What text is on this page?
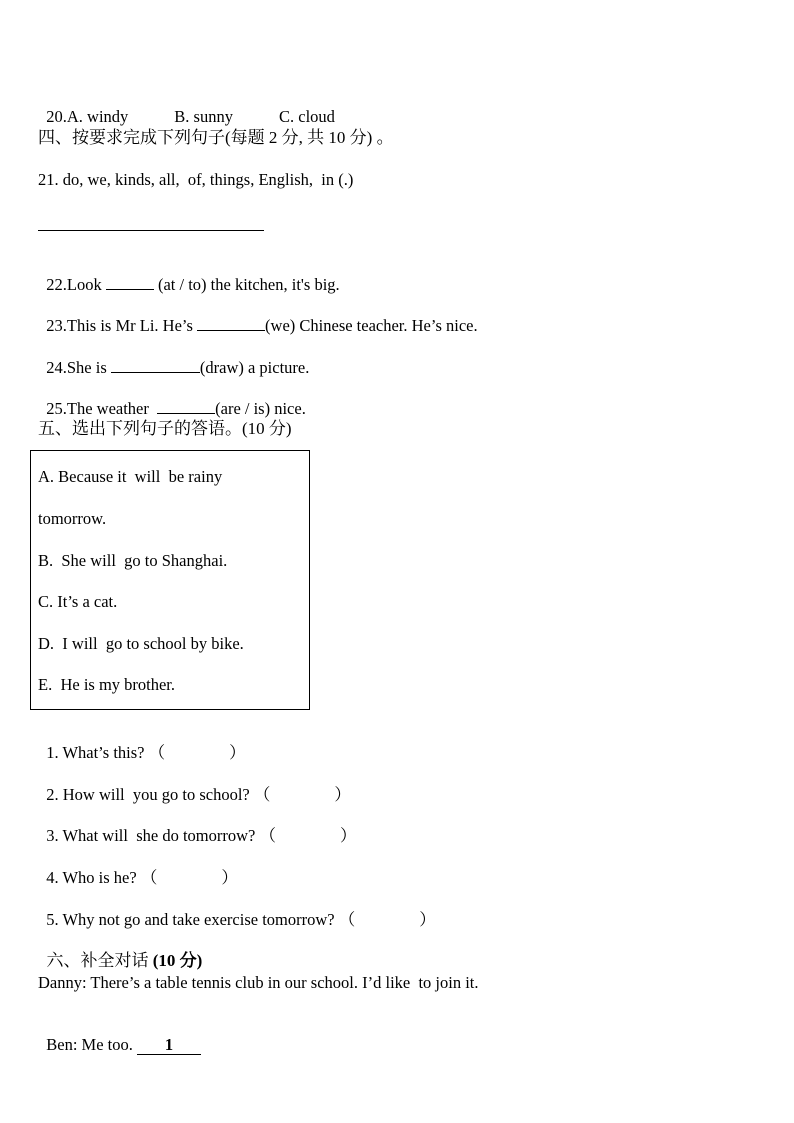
20.A. windy	B. sunny	C. cloud

四、按要求完成下列句子(每题 2 分, 共 10 分) 。
21. do, we, kinds, all,  of, things, English,  in (.)

22.Look	(at / to) the kitchen, it's big.

23.This is Mr Li. He’s	(we) Chinese teacher. He’s nice.

24.She is	(draw) a picture.

25.The weather	(are / is) nice.

五、选出下列句子的答语。(10 分)
A. Because it  will  be rainy
tomorrow.
B.  She will  go to Shanghai.
C. It’s a cat.
D.  I will  go to school by bike.
E.  He is my brother.

1. What’s this? （	）

2. How will  you go to school? （	）

3. What will  she do tomorrow? （	）

4. Who is he? （	）

5. Why not go and take exercise tomorrow? （	）

六、补全对话 (10 分)

Danny: There’s a table tennis club in our school. I’d like  to join it.

Ben: Me too. 1
